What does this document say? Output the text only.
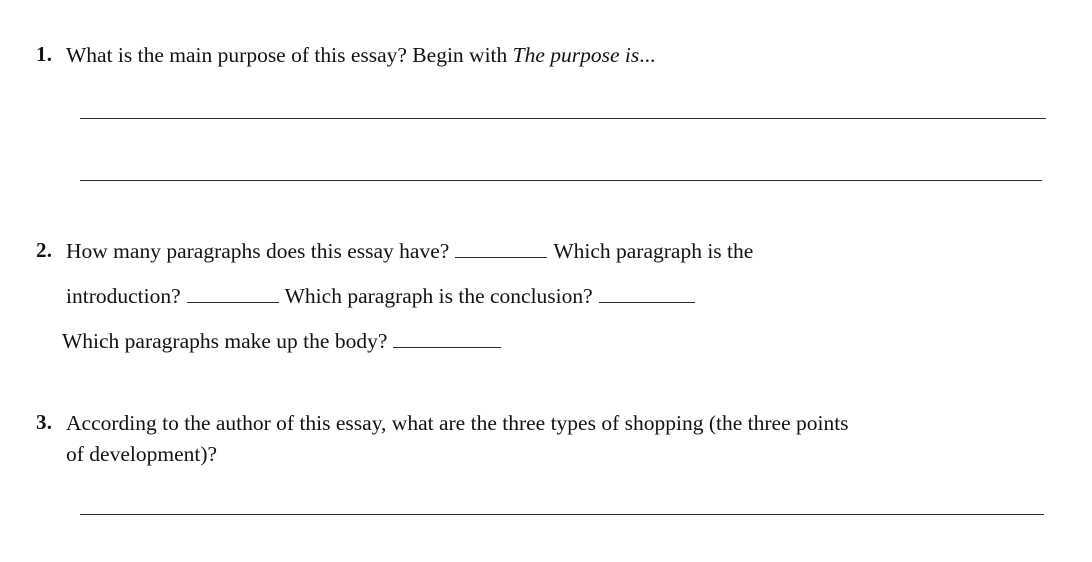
1. What is the main purpose of this essay? Begin with The purpose is...
2. How many paragraphs does this essay have?	Which paragraph is the
introduction?	Which paragraph is the conclusion?
Which paragraphs make up the body?
3. According to the author of this essay, what are the three types of shopping (the three points
of development)?
